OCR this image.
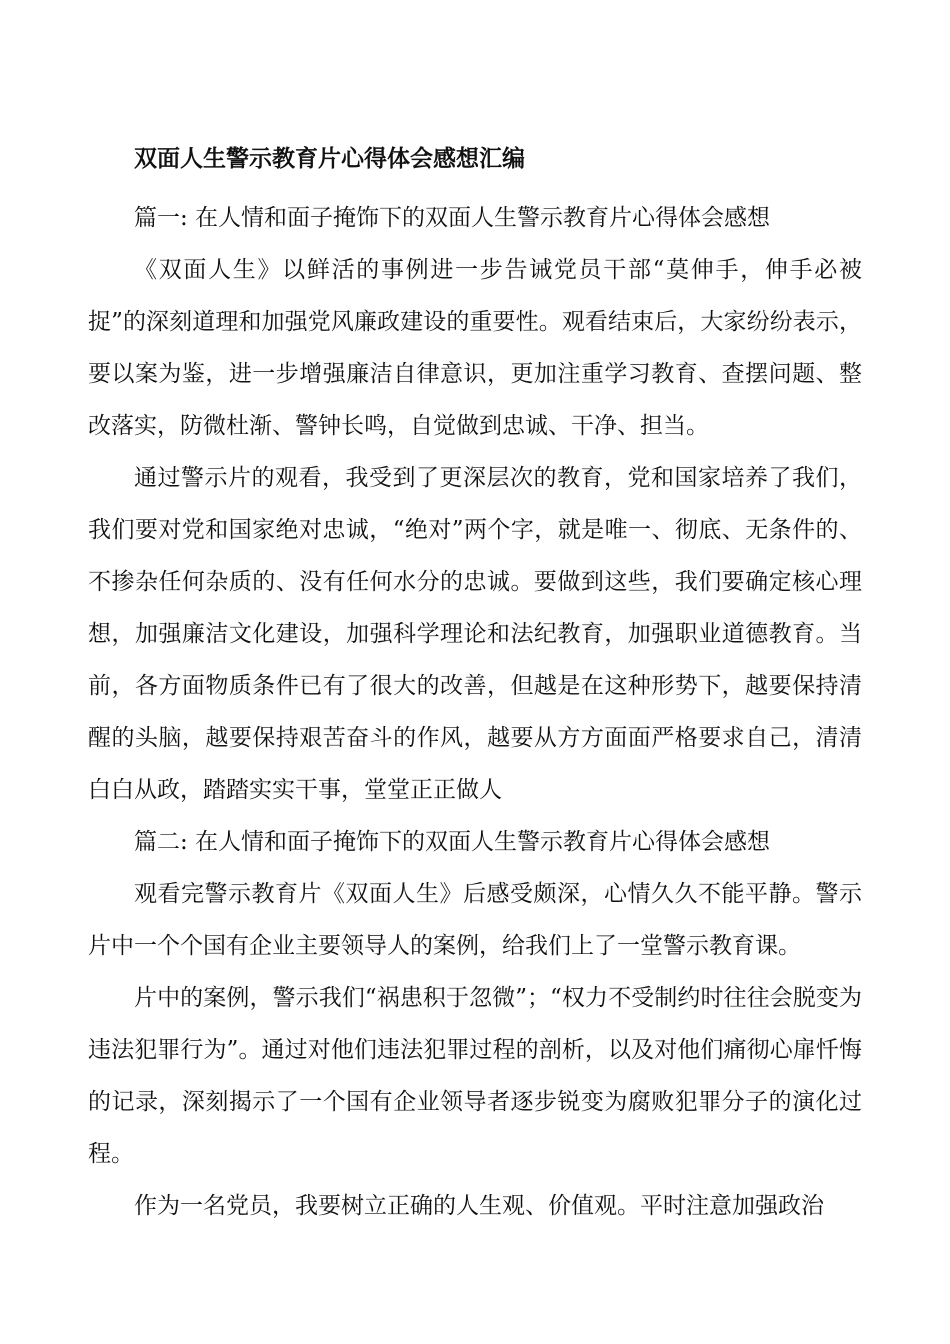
双面人生警示教育片心得体会感想汇编

篇一: 在人情和面子掩饰下的双面人生警示教育片心得体会感想

《双面人生》以鲜活的事例进一步告诫党员干部“莫伸手，伸手必被捉”的深刻道理和加强党风廉政建设的重要性。观看结束后，大家纷纷表示，要以案为鉴，进一步增强廉洁自律意识，更加注重学习教育、查摆问题、整改落实，防微杜渐、警钟长鸣，自觉做到忠诚、干净、担当。

通过警示片的观看，我受到了更深层次的教育，党和国家培养了我们，我们要对党和国家绝对忠诚，“绝对”两个字，就是唯一、彻底、无条件的、不掺杂任何杂质的、没有任何水分的忠诚。要做到这些，我们要确定核心理想，加强廉洁文化建设，加强科学理论和法纪教育，加强职业道德教育。当前，各方面物质条件已有了很大的改善，但越是在这种形势下，越要保持清醒的头脑，越要保持艰苦奋斗的作风，越要从方方面面严格要求自己，清清白白从政，踏踏实实干事，堂堂正正做人

篇二: 在人情和面子掩饰下的双面人生警示教育片心得体会感想

观看完警示教育片《双面人生》后感受颇深，心情久久不能平静。警示片中一个个国有企业主要领导人的案例，给我们上了一堂警示教育课。

片中的案例，警示我们“祸患积于忽微”；“权力不受制约时往往会脱变为违法犯罪行为”。通过对他们违法犯罪过程的剖析，以及对他们痛彻心扉忏悔的记录，深刻揭示了一个国有企业领导者逐步锐变为腐败犯罪分子的演化过程。

作为一名党员，我要树立正确的人生观、价值观。平时注意加强政治
